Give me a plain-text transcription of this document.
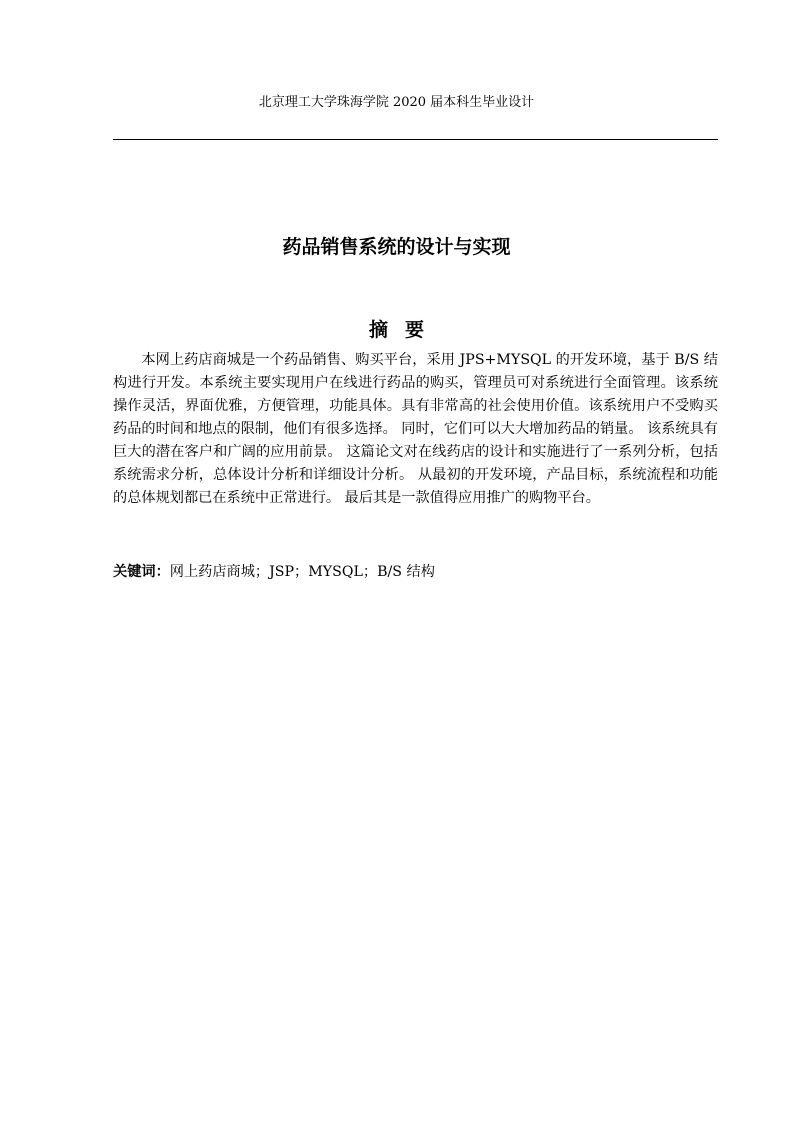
北京理工大学珠海学院 2020 届本科生毕业设计
药品销售系统的设计与实现
摘要

本网上药店商城是一个药品销售、购买平台，采用 JPS+MYSQL 的开发环境，基于 B/S 结构进行开发。本系统主要实现用户在线进行药品的购买，管理员可对系统进行全面管理。该系统操作灵活，界面优雅，方便管理，功能具体。具有非常高的社会使用价值。该系统用户不受购买药品的时间和地点的限制，他们有很多选择。 同时，它们可以大大增加药品的销量。 该系统具有巨大的潜在客户和广阔的应用前景。 这篇论文对在线药店的设计和实施进行了一系列分析，包括系统需求分析，总体设计分析和详细设计分析。 从最初的开发环境，产品目标，系统流程和功能的总体规划都已在系统中正常进行。 最后其是一款值得应用推广的购物平台。

关键词：网上药店商城；JSP；MYSQL；B/S 结构
